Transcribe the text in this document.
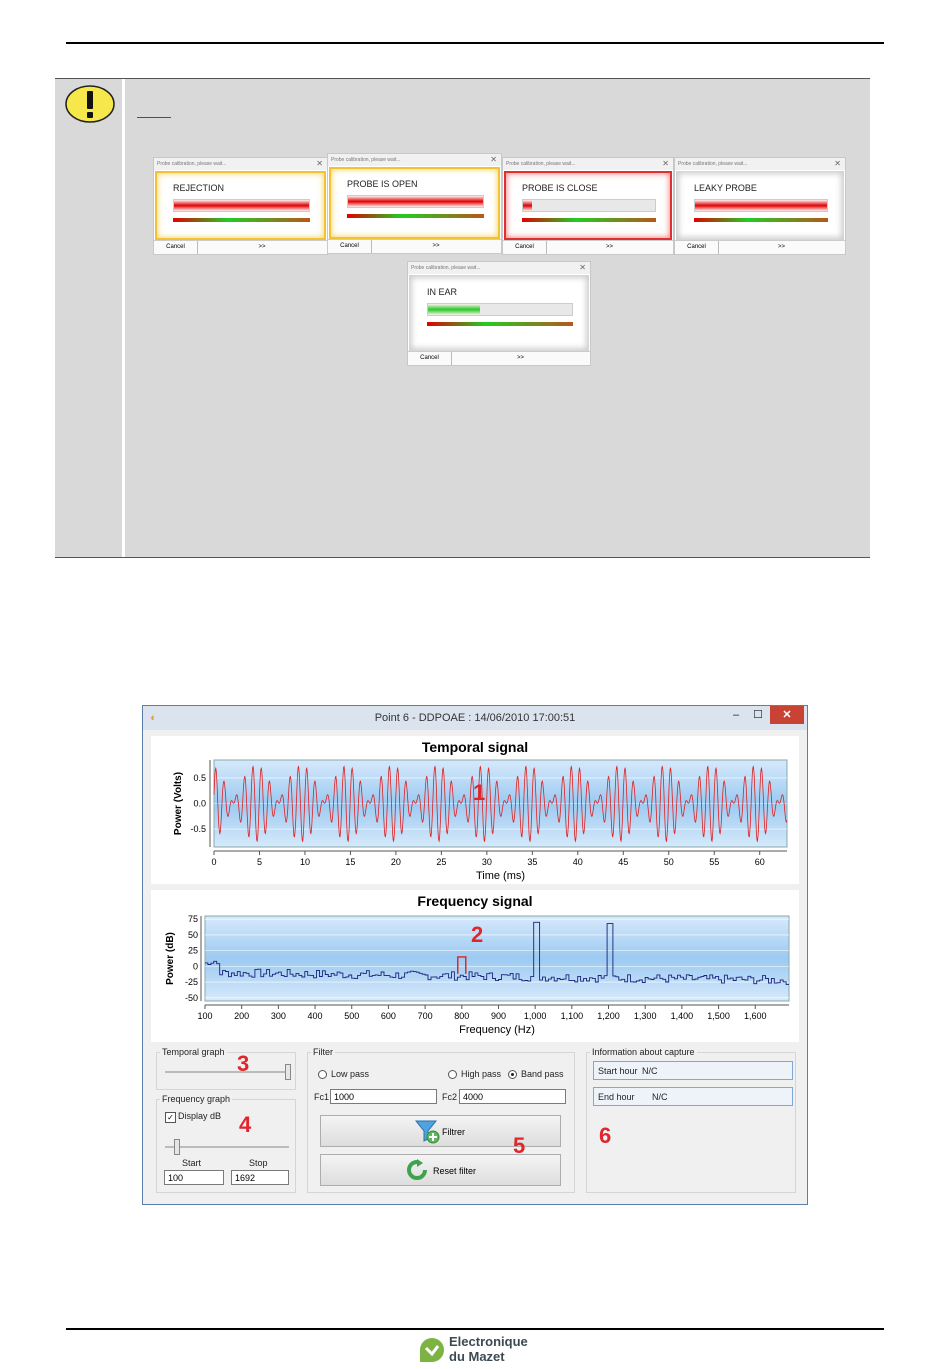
Probe calibration, please wait...	✕
REJECTION
Cancel	>>
Probe calibration, please wait...	✕
PROBE IS OPEN
Cancel	>>
Probe calibration, please wait...	✕
PROBE IS CLOSE
Cancel	>>
Probe calibration, please wait...	✕
LEAKY PROBE
Cancel	>>
Probe calibration, please wait...	✕
IN EAR
Cancel	>>
◖	Point 6 - DDPOAE : 14/06/2010 17:00:51	–	☐	✕
Temporal signal
0	5	10	15	20	25	30	35	40	45	50	55	60
0.5
0.0
-0.5
Time (ms)
Power (Volts)	1
Frequency signal
100 200 300 400 500 600 700 800 900 1,000 1,100 1,200 1,300 1,400 1,500 1,600
75
50
25
0
-25
-50
Frequency (Hz)
Power (dB)	2
Temporal graph 3
Frequency graph
✓ Display dB 4
Start	Stop
100	1692
Filter
Low pass	High pass Band pass
Fc1 1000	Fc2 4000
Filtrer
Reset filter
5
Information about capture
Start hour N/C
End hour N/C
6
Electronique
du Mazet
